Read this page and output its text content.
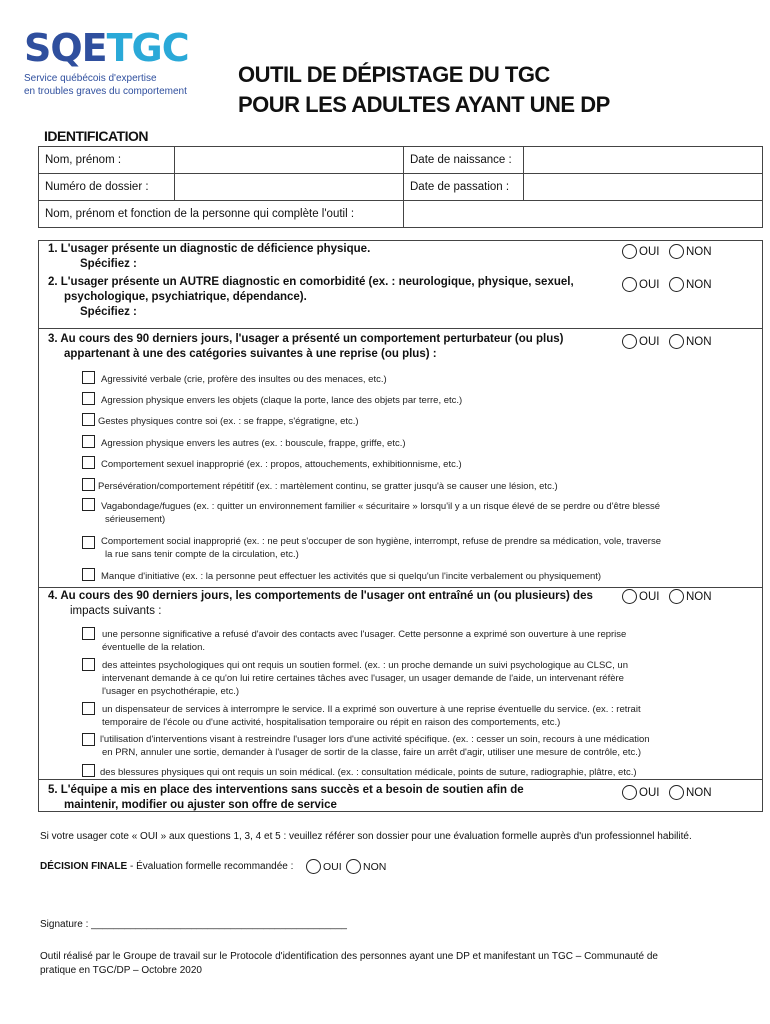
SQETGC
Service québécois d'expertise
en troubles graves du comportement
OUTIL DE DÉPISTAGE DU TGC
POUR LES ADULTES AYANT UNE DP
IDENTIFICATION
Nom, prénom :		Date de naissance :	
Numéro de dossier :		Date de passation :	
Nom, prénom et fonction de la personne qui complète l'outil :			
1. L'usager présente un diagnostic de déficience physique.
Spécifiez :
OUI NON
2. L'usager présente un AUTRE diagnostic en comorbidité (ex. : neurologique, physique, sexuel,
psychologique, psychiatrique, dépendance).
Spécifiez :
OUI NON
3. Au cours des 90 derniers jours, l'usager a présenté un comportement perturbateur (ou plus)
appartenant à une des catégories suivantes à une reprise (ou plus) :
OUI NON
Agressivité verbale (crie, profère des insultes ou des menaces, etc.)
Agression physique envers les objets (claque la porte, lance des objets par terre, etc.)
Gestes physiques contre soi (ex. : se frappe, s'égratigne, etc.)
Agression physique envers les autres (ex. : bouscule, frappe, griffe, etc.)
Comportement sexuel inapproprié (ex. : propos, attouchements, exhibitionnisme, etc.)
Persévération/comportement répétitif (ex. : martèlement continu, se gratter jusqu'à se causer une lésion, etc.)
Vagabondage/fugues (ex. : quitter un environnement familier « sécuritaire » lorsqu'il y a un risque élevé de se perdre ou d'être blessé
sérieusement)
Comportement social inapproprié (ex. : ne peut s'occuper de son hygiène, interrompt, refuse de prendre sa médication, vole, traverse
la rue sans tenir compte de la circulation, etc.)
Manque d'initiative (ex. : la personne peut effectuer les activités que si quelqu'un l'incite verbalement ou physiquement)
4. Au cours des 90 derniers jours, les comportements de l'usager ont entraîné un (ou plusieurs) des
impacts suivants :
OUI NON
une personne significative a refusé d'avoir des contacts avec l'usager. Cette personne a exprimé son ouverture à une reprise
éventuelle de la relation.
des atteintes psychologiques qui ont requis un soutien formel. (ex. : un proche demande un suivi psychologique au CLSC, un
intervenant demande à ce qu'on lui retire certaines tâches avec l'usager, un usager demande de l'aide, un intervenant réfère
l'usager en psychothérapie, etc.)
un dispensateur de services à interrompre le service. Il a exprimé son ouverture à une reprise éventuelle du service. (ex. : retrait
temporaire de l'école ou d'une activité, hospitalisation temporaire ou répit en raison des comportements, etc.)
l'utilisation d'interventions visant à restreindre l'usager lors d'une activité spécifique. (ex. : cesser un soin, recours à une médication
en PRN, annuler une sortie, demander à l'usager de sortir de la classe, faire un arrêt d'agir, utiliser une mesure de contrôle, etc.)
des blessures physiques qui ont requis un soin médical. (ex. : consultation médicale, points de suture, radiographie, plâtre, etc.)
5. L'équipe a mis en place des interventions sans succès et a besoin de soutien afin de
maintenir, modifier ou ajuster son offre de service
OUI NON
Si votre usager cote « OUI » aux questions 1, 3, 4 et 5 : veuillez référer son dossier pour une évaluation formelle auprès d'un professionnel habilité.
DÉCISION FINALE - Évaluation formelle recommandée :	OUI NON
Signature : ______________________________________________
Outil réalisé par le Groupe de travail sur le Protocole d'identification des personnes ayant une DP et manifestant un TGC – Communauté de
pratique en TGC/DP – Octobre 2020
